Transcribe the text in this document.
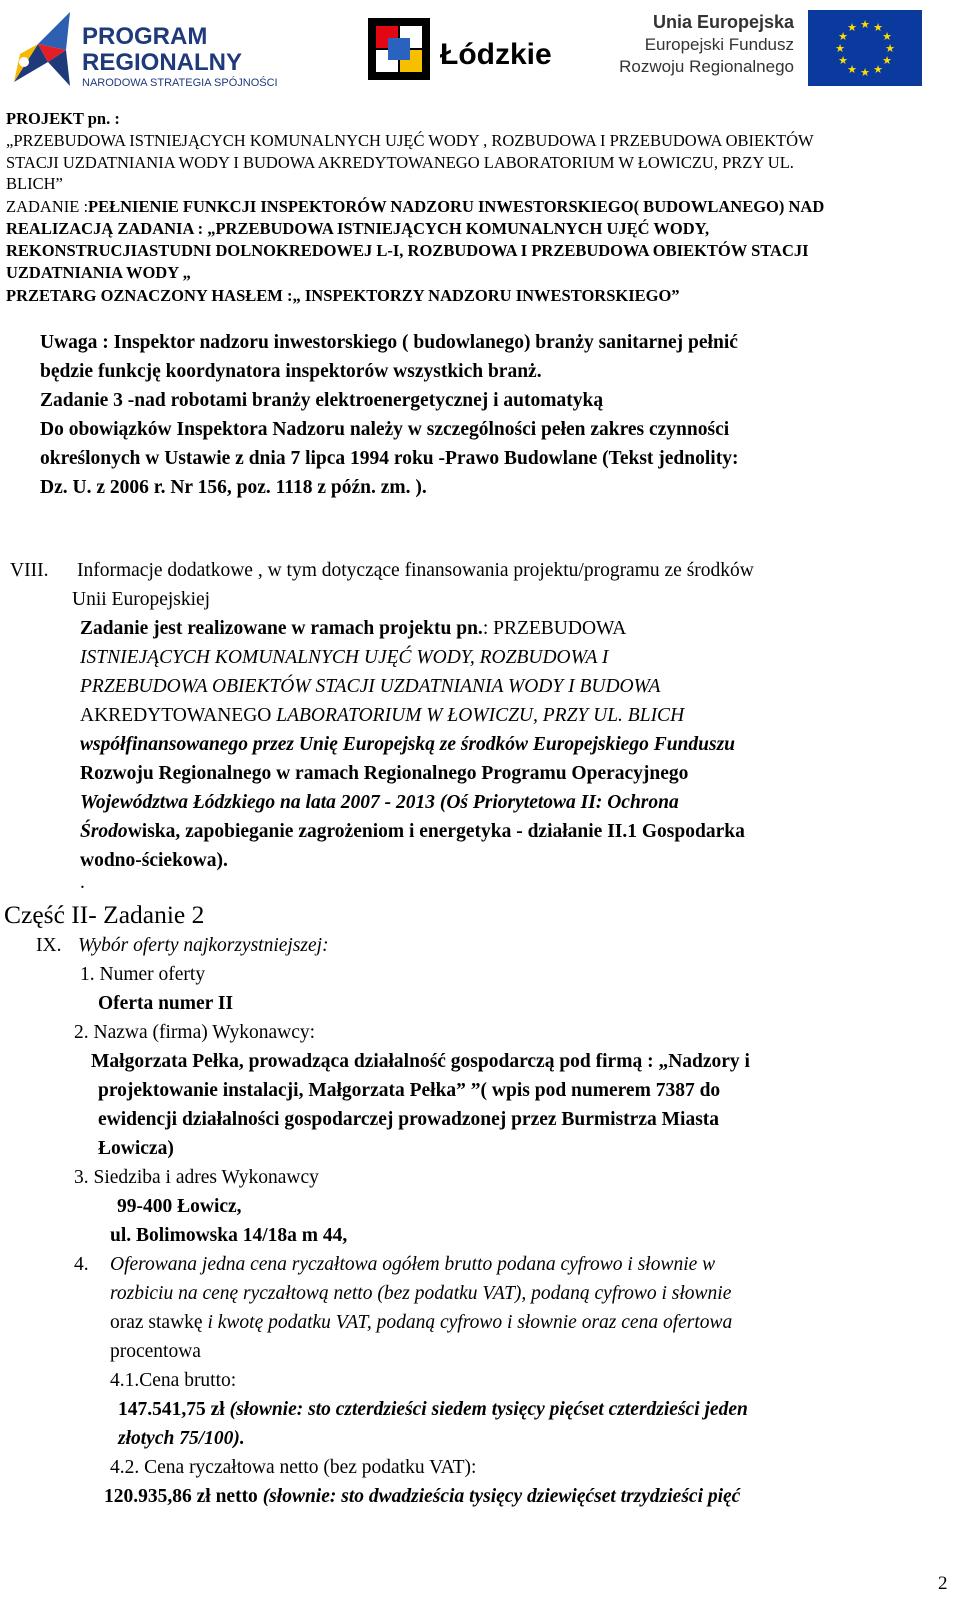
PROGRAM
REGIONALNY
NARODOWA STRATEGIA SPÓJNOŚCI
Łódzkie
Unia Europejska
Europejski Fundusz
Rozwoju Regionalnego
★ ★
★
★
★
★
★
★
★
★
★
★
PROJEKT pn. :
„PRZEBUDOWA ISTNIEJĄCYCH KOMUNALNYCH UJĘĆ WODY , ROZBUDOWA I PRZEBUDOWA OBIEKTÓW
STACJI UZDATNIANIA WODY I BUDOWA AKREDYTOWANEGO LABORATORIUM W ŁOWICZU, PRZY UL.
BLICH”
ZADANIE :PEŁNIENIE FUNKCJI INSPEKTORÓW NADZORU INWESTORSKIEGO( BUDOWLANEGO) NAD
REALIZACJĄ ZADANIA : „PRZEBUDOWA ISTNIEJĄCYCH KOMUNALNYCH UJĘĆ WODY,
REKONSTRUCJIASTUDNI DOLNOKREDOWEJ L-I, ROZBUDOWA I PRZEBUDOWA OBIEKTÓW STACJI
UZDATNIANIA WODY „
PRZETARG OZNACZONY HASŁEM :„ INSPEKTORZY NADZORU INWESTORSKIEGO”
Uwaga : Inspektor nadzoru inwestorskiego ( budowlanego) branży sanitarnej pełnić
będzie funkcję koordynatora inspektorów wszystkich branż.
Zadanie 3 -nad robotami branży elektroenergetycznej i automatyką
Do obowiązków Inspektora Nadzoru należy w szczególności pełen zakres czynności
określonych w Ustawie z dnia 7 lipca 1994 roku -Prawo Budowlane (Tekst jednolity:
Dz. U. z 2006 r. Nr 156, poz. 1118 z późn. zm. ).
VIII. Informacje dodatkowe , w tym dotyczące finansowania projektu/programu ze środków
Unii Europejskiej
Zadanie jest realizowane w ramach projektu pn.: PRZEBUDOWA
ISTNIEJĄCYCH KOMUNALNYCH UJĘĆ WODY, ROZBUDOWA I
PRZEBUDOWA OBIEKTÓW STACJI UZDATNIANIA WODY I BUDOWA
AKREDYTOWANEGO LABORATORIUM W ŁOWICZU, PRZY UL. BLICH
współfinansowanego przez Unię Europejską ze środków Europejskiego Funduszu
Rozwoju Regionalnego w ramach Regionalnego Programu Operacyjnego
Województwa Łódzkiego na lata 2007 - 2013 (Oś Priorytetowa II: Ochrona
Środowiska, zapobieganie zagrożeniom i energetyka - działanie II.1 Gospodarka
wodno-ściekowa).
.
Część II- Zadanie 2
IX. Wybór oferty najkorzystniejszej:
1. Numer oferty
Oferta numer II
2. Nazwa (firma) Wykonawcy:
Małgorzata Pełka, prowadząca działalność gospodarczą pod firmą : „Nadzory i
projektowanie instalacji, Małgorzata Pełka” ”( wpis pod numerem 7387 do
ewidencji działalności gospodarczej prowadzonej przez Burmistrza Miasta
Łowicza)
3. Siedziba i adres Wykonawcy
99-400 Łowicz,
ul. Bolimowska 14/18a m 44,
4. Oferowana jedna cena ryczałtowa ogółem brutto podana cyfrowo i słownie w
rozbiciu na cenę ryczałtową netto (bez podatku VAT), podaną cyfrowo i słownie
oraz stawkę i kwotę podatku VAT, podaną cyfrowo i słownie oraz cena ofertowa
procentowa
4.1.Cena brutto:
147.541,75 zł (słownie: sto czterdzieści siedem tysięcy pięćset czterdzieści jeden
złotych 75/100).
4.2. Cena ryczałtowa netto (bez podatku VAT):
120.935,86 zł netto (słownie: sto dwadzieścia tysięcy dziewięćset trzydzieści pięć
2
